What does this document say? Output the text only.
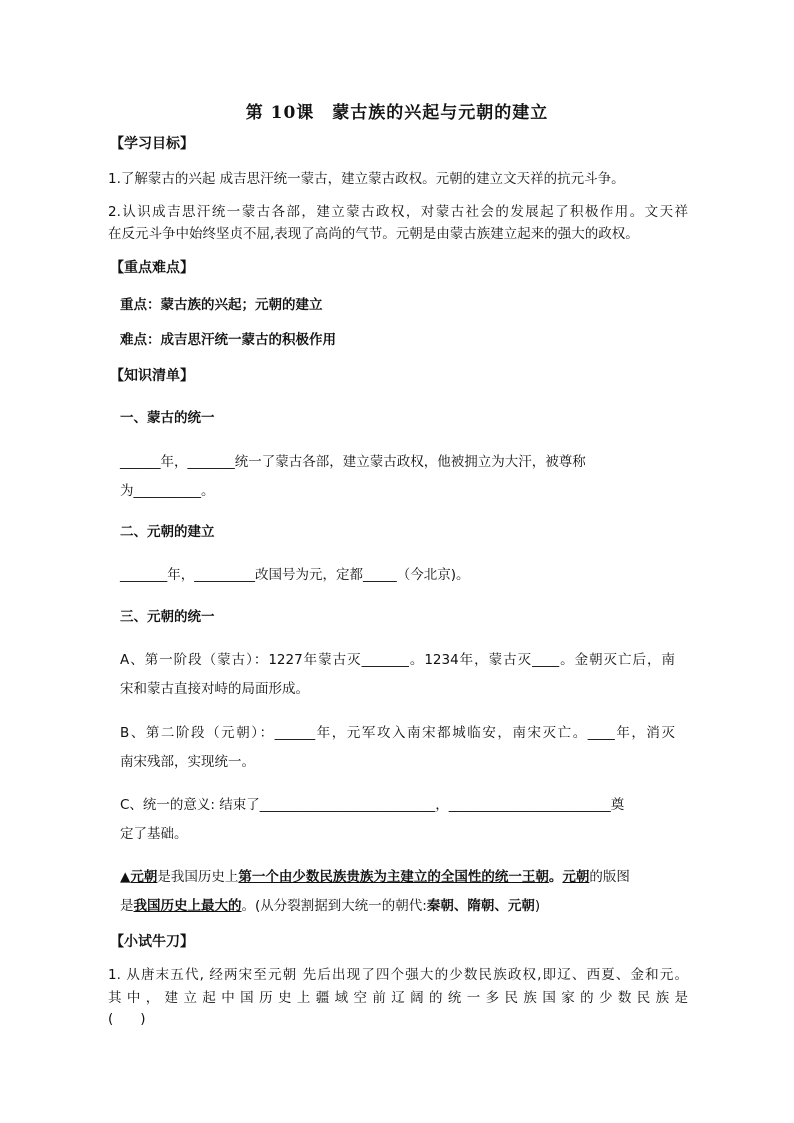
第 10课　蒙古族的兴起与元朝的建立
【学习目标】
1.了解蒙古的兴起 成吉思汗统一蒙古，建立蒙古政权。元朝的建立文天祥的抗元斗争。
2.认识成吉思汗统一蒙古各部，建立蒙古政权，对蒙古社会的发展起了积极作用。文天祥
在反元斗争中始终坚贞不屈,表现了高尚的气节。元朝是由蒙古族建立起来的强大的政权。
【重点难点】
重点：蒙古族的兴起；元朝的建立
难点：成吉思汗统一蒙古的积极作用
【知识清单】
一、蒙古的统一
______年，_______统一了蒙古各部，建立蒙古政权，他被拥立为大汗，被尊称
为__________。
二、元朝的建立
_______年，_________改国号为元，定都_____（今北京)。
三、元朝的统一
A、第一阶段（蒙古）：1227年蒙古灭_______。1234年，蒙古灭____。金朝灭亡后，南
宋和蒙古直接对峙的局面形成。
B、第二阶段（元朝）：______年，元军攻入南宋都城临安，南宋灭亡。____年，消灭
南宋残部，实现统一。
C、统一的意义: 结束了__________________________，________________________奠
定了基础。
▲元朝是我国历史上第一个由少数民族贵族为主建立的全国性的统一王朝。元朝的版图
是我国历史上最大的。(从分裂割据到大统一的朝代:秦朝、隋朝、元朝)
【小试牛刀】
1. 从唐末五代, 经两宋至元朝 先后出现了四个强大的少数民族政权,即辽、西夏、金和元。
其中，建立起中国历史上疆域空前辽阔的统一多民族国家的少数民族是
(　　)
